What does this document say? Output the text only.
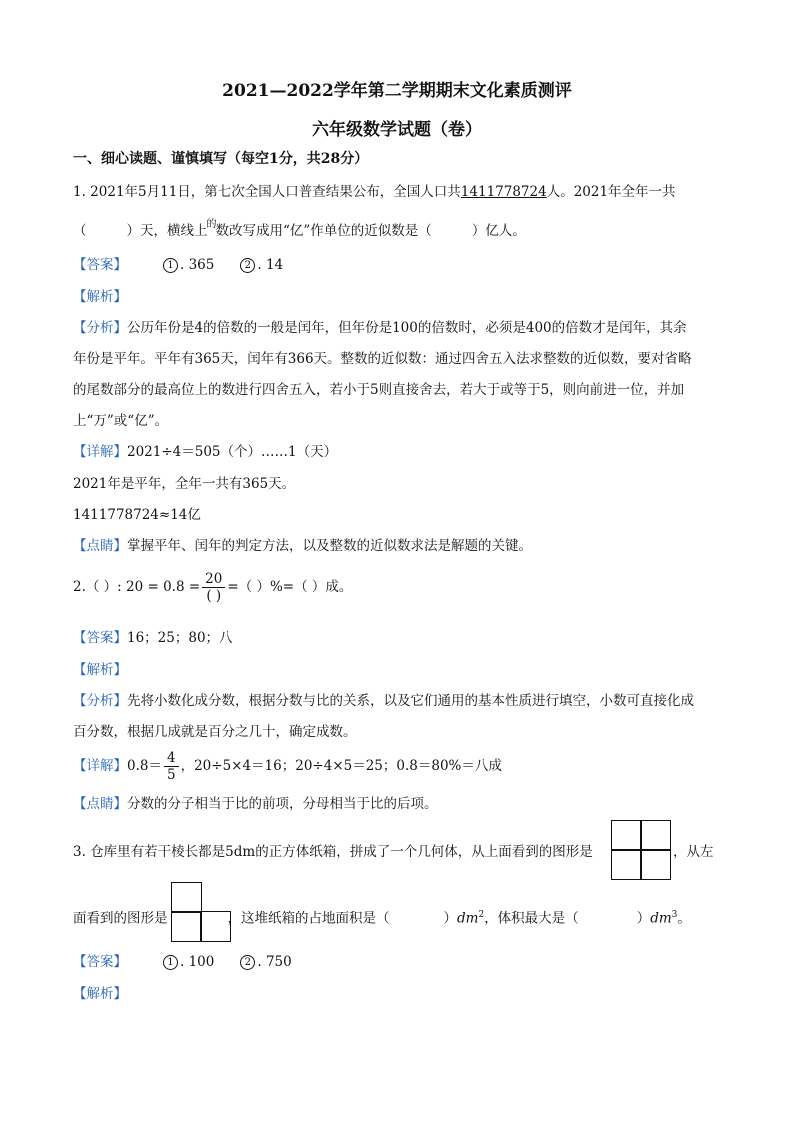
2021—2022学年第二学期期末文化素质测评
六年级数学试题（卷）
一、细心读题、谨慎填写（每空1分，共28分）
1. 2021年5月11日，第七次全国人口普查结果公布，全国人口共1411778724人。2021年全年一共
（	）天，横线上 的 数改写成用“亿”作单位的近似数是（	）亿人。
【答案】	1 . 365	2 . 14
【解析】
【分析】公历年份是4的倍数的一般是闰年，但年份是100的倍数时，必须是400的倍数才是闰年，其余
年份是平年。平年有365天，闰年有366天。整数的近似数：通过四舍五入法求整数的近似数，要对省略
的尾数部分的最高位上的数进行四舍五入，若小于5则直接舍去，若大于或等于5，则向前进一位，并加
上“万”或“亿”。
【详解】2021÷4＝505（个）……1（天）
2021年是平年，全年一共有365天。
1411778724≈14亿
【点睛】掌握平年、闰年的判定方法，以及整数的近似数求法是解题的关键。
2.（ ）: $20 = 0.8 = \frac{20}{( )}$ =（ ）%=（ ）成。
【答案】16；25；80；八
【解析】
【分析】先将小数化成分数，根据分数与比的关系，以及它们通用的基本性质进行填空，小数可直接化成
百分数，根据几成就是百分之几十，确定成数。
【详解】$0.8= \frac{4}{5}$ ，20÷5×4＝16；20÷4×5＝25；0.8＝80%＝八成
【点睛】分数的分子相当于比的前项，分母相当于比的后项。
3. 仓库里有若干棱长都是5dm的正方体纸箱，拼成了一个几何体，从上面看到的图形是	，从左
面看到的图形是	，这堆纸箱的占地面积是（	）$dm^2$，体积最大是（	）$dm^3$。
【答案】	1 . 100	2 . 750
【解析】
